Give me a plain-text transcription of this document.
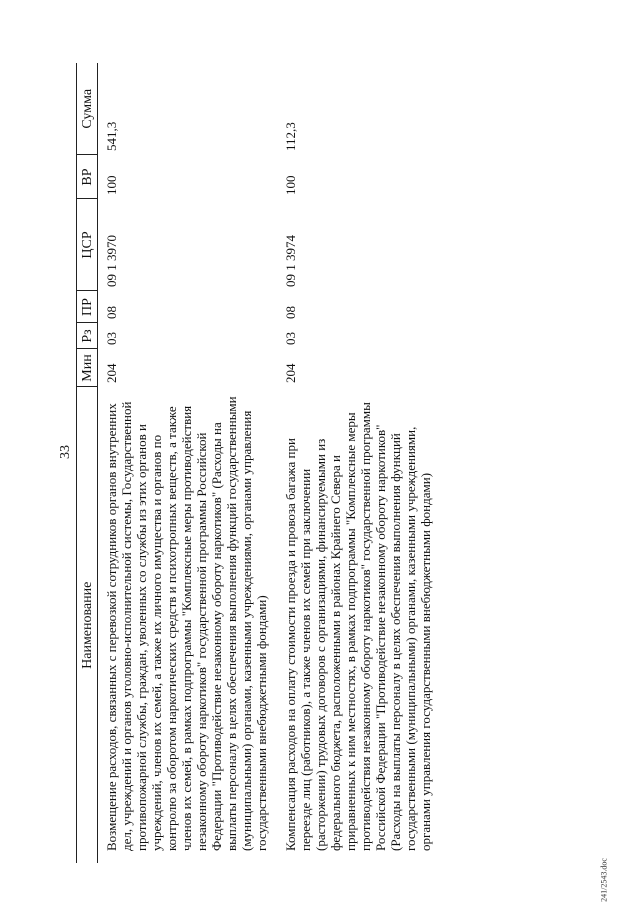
33
Наименование	Мин	Рз	ПР	ЦСР	ВР	Сумма
Возмещение расходов, связанных с перевозкой сотрудников органов внутренних дел, учреждений и органов уголовно-исполнительной системы, Государственной противопожарной службы, граждан, уволенных со службы из этих органов и учреждений, членов их семей, а также их личного имущества и органов по контролю за оборотом наркотических средств и психотропных веществ, а также членов их семей, в рамках подпрограммы "Комплексные меры противодействия незаконному обороту наркотиков" государственной программы Российской Федерации "Противодействие незаконному обороту наркотиков" (Расходы на выплаты персоналу в целях обеспечения выполнения функций государственными (муниципальными) органами, казенными учреждениями, органами управления государственными внебюджетными фондами)	204	03	08	09 1 3970	100	541,3
Компенсация расходов на оплату стоимости проезда и провоза багажа при переезде лиц (работников), а также членов их семей при заключении (расторжении) трудовых договоров с организациями, финансируемыми из федерального бюджета, расположенными в районах Крайнего Севера и приравненных к ним местностях, в рамках подпрограммы "Комплексные меры противодействия незаконному обороту наркотиков" государственной программы Российской Федерации "Противодействие незаконному обороту наркотиков" (Расходы на выплаты персоналу в целях обеспечения выполнения функций государственными (муниципальными) органами, казенными учреждениями, органами управления государственными внебюджетными фондами)	204	03	08	09 1 3974	100	112,3
241/2543.doc
